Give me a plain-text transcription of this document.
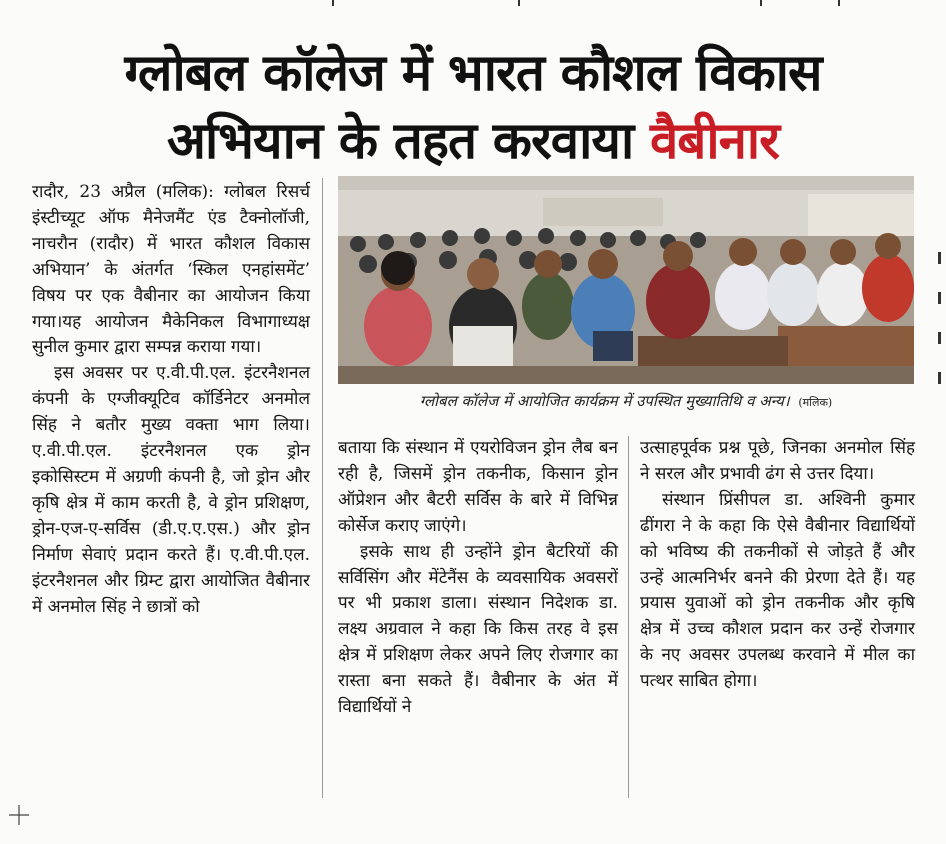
ग्लोबल कॉलेज में भारत कौशल विकास
अभियान के तहत करवाया वैबीनार

रादौर, 23 अप्रैल (मलिक): ग्लोबल रिसर्च इंस्टीच्यूट ऑफ मैनेजमैंट एंड टैक्नोलॉजी, नाचरौन (रादौर) में भारत कौशल विकास अभियान’ के अंतर्गत ‘स्किल एनहांसमेंट’ विषय पर एक वैबीनार का आयोजन किया गया।यह आयोजन मैकेनिकल विभागाध्यक्ष सुनील कुमार द्वारा सम्पन्न कराया गया।

इस अवसर पर ए.वी.पी.एल. इंटरनैशनल कंपनी के एग्जीक्यूटिव कॉर्डिनेटर अनमोल सिंह ने बतौर मुख्य वक्ता भाग लिया।ए.वी.पी.एल. इंटरनैशनल एक ड्रोन इकोसिस्टम में अग्रणी कंपनी है, जो ड्रोन और कृषि क्षेत्र में काम करती है, वे ड्रोन प्रशिक्षण, ड्रोन-एज-ए-सर्विस (डी.ए.ए.एस.) और ड्रोन निर्माण सेवाएं प्रदान करते हैं। ए.वी.पी.एल. इंटरनैशनल और ग्रिम्ट द्वारा आयोजित वैबीनार में अनमोल सिंह ने छात्रों को

ग्लोबल कॉलेज में आयोजित कार्यक्रम में उपस्थित मुख्यातिथि व अन्य। (मलिक)

बताया कि संस्थान में एयरोविजन ड्रोन लैब बन रही है, जिसमें ड्रोन तकनीक, किसान ड्रोन ऑप्रेशन और बैटरी सर्विस के बारे में विभिन्न कोर्सेज कराए जाएंगे।

इसके साथ ही उन्होंने ड्रोन बैटरियों की सर्विसिंग और मेंटेनैंस के व्यवसायिक अवसरों पर भी प्रकाश डाला। संस्थान निदेशक डा. लक्ष्य अग्रवाल ने कहा कि किस तरह वे इस क्षेत्र में प्रशिक्षण लेकर अपने लिए रोजगार का रास्ता बना सकते हैं। वैबीनार के अंत में विद्यार्थियों ने

उत्साहपूर्वक प्रश्न पूछे, जिनका अनमोल सिंह ने सरल और प्रभावी ढंग से उत्तर दिया।

संस्थान प्रिंसीपल डा. अश्विनी कुमार ढींगरा ने के कहा कि ऐसे वैबीनार विद्यार्थियों को भविष्य की तकनीकों से जोड़ते हैं और उन्हें आत्मनिर्भर बनने की प्रेरणा देते हैं। यह प्रयास युवाओं को ड्रोन तकनीक और कृषि क्षेत्र में उच्च कौशल प्रदान कर उन्हें रोजगार के नए अवसर उपलब्ध करवाने में मील का पत्थर साबित होगा।
